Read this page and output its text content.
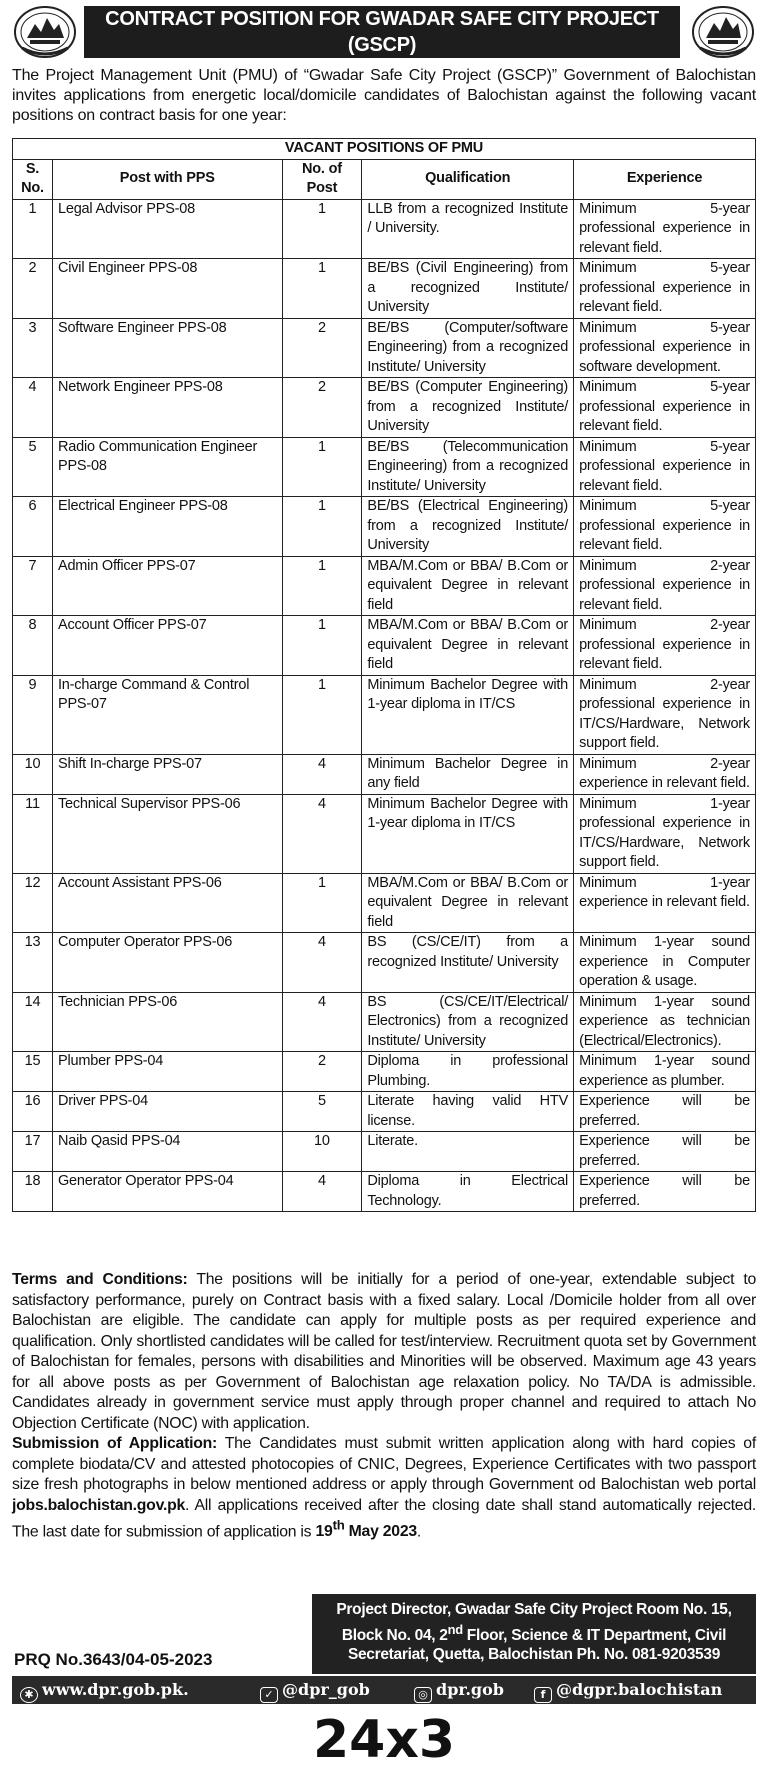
CONTRACT POSITION FOR GWADAR SAFE CITY PROJECT
(GSCP)
The Project Management Unit (PMU) of “Gwadar Safe City Project (GSCP)” Government of Balochistan invites applications from energetic local/domicile candidates of Balochistan against the following vacant positions on contract basis for one year:
VACANT POSITIONS OF PMU				
S. No.	Post with PPS	No. of Post	Qualification	Experience
1	Legal Advisor PPS-08	1	LLB from a recognized Institute / University.	Minimum 5-year professional experience in relevant field.
2	Civil Engineer PPS-08	1	BE/BS (Civil Engineering) from a recognized Institute/ University	Minimum 5-year professional experience in relevant field.
3	Software Engineer PPS-08	2	BE/BS (Computer/software Engineering) from a recognized Institute/ University	Minimum 5-year professional experience in software development.
4	Network Engineer PPS-08	2	BE/BS (Computer Engineering) from a recognized Institute/ University	Minimum 5-year professional experience in relevant field.
5	Radio Communication Engineer PPS-08	1	BE/BS (Telecommunication Engineering) from a recognized Institute/ University	Minimum 5-year professional experience in relevant field.
6	Electrical Engineer PPS-08	1	BE/BS (Electrical Engineering) from a recognized Institute/ University	Minimum 5-year professional experience in relevant field.
7	Admin Officer PPS-07	1	MBA/M.Com or BBA/ B.Com or equivalent Degree in relevant field	Minimum 2-year professional experience in relevant field.
8	Account Officer PPS-07	1	MBA/M.Com or BBA/ B.Com or equivalent Degree in relevant field	Minimum 2-year professional experience in relevant field.
9	In-charge Command & Control PPS-07	1	Minimum Bachelor Degree with 1-year diploma in IT/CS	Minimum 2-year professional experience in IT/CS/Hardware, Network support field.
10	Shift In-charge PPS-07	4	Minimum Bachelor Degree in any field	Minimum 2-year experience in relevant field.
11	Technical Supervisor PPS-06	4	Minimum Bachelor Degree with 1-year diploma in IT/CS	Minimum 1-year professional experience in IT/CS/Hardware, Network support field.
12	Account Assistant PPS-06	1	MBA/M.Com or BBA/ B.Com or equivalent Degree in relevant field	Minimum 1-year experience in relevant field.
13	Computer Operator PPS-06	4	BS (CS/CE/IT) from a recognized Institute/ University	Minimum 1-year sound experience in Computer operation & usage.
14	Technician PPS-06	4	BS (CS/CE/IT/Electrical/ Electronics) from a recognized Institute/ University	Minimum 1-year sound experience as technician (Electrical/Electronics).
15	Plumber PPS-04	2	Diploma in professional Plumbing.	Minimum 1-year sound experience as plumber.
16	Driver PPS-04	5	Literate having valid HTV license.	Experience will be preferred.
17	Naib Qasid PPS-04	10	Literate.	Experience will be preferred.
18	Generator Operator PPS-04	4	Diploma in Electrical Technology.	Experience will be preferred.
Terms and Conditions: The positions will be initially for a period of one-year, extendable subject to satisfactory performance, purely on Contract basis with a fixed salary. Local /Domicile holder from all over Balochistan are eligible. The candidate can apply for multiple posts as per required experience and qualification. Only shortlisted candidates will be called for test/interview. Recruitment quota set by Government of Balochistan for females, persons with disabilities and Minorities will be observed. Maximum age 43 years for all above posts as per Government of Balochistan age relaxation policy. No TA/DA is admissible. Candidates already in government service must apply through proper channel and required to attach No Objection Certificate (NOC) with application.
Submission of Application: The Candidates must submit written application along with hard copies of complete biodata/CV and attested photocopies of CNIC, Degrees, Experience Certificates with two passport size fresh photographs in below mentioned address or apply through Government od Balochistan web portal jobs.balochistan.gov.pk. All applications received after the closing date shall stand automatically rejected. The last date for submission of application is 19th May 2023.
Project Director, Gwadar Safe City Project Room No. 15,
Block No. 04, 2nd Floor, Science & IT Department, Civil
Secretariat, Quetta, Balochistan Ph. No. 081-9203539
PRQ No.3643/04-05-2023
✱ www.dpr.gob.pk.	✓ @dpr_gob	◎ dpr.gob	f @dgpr.balochistan
24x3
